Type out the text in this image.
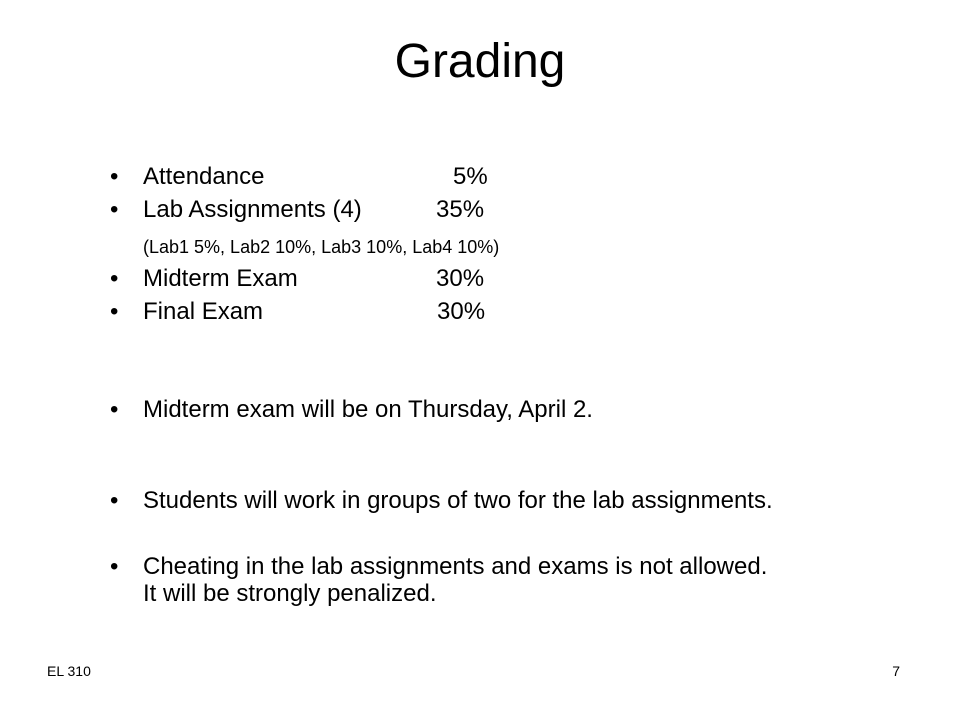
Grading
• Attendance	5%
• Lab Assignments (4)	35%
(Lab1 5%, Lab2 10%, Lab3 10%, Lab4 10%)
• Midterm Exam	30%
• Final Exam	30%
• Midterm exam will be on Thursday, April 2.
• Students will work in groups of two for the lab assignments.
• Cheating in the lab assignments and exams is not allowed.
It will be strongly penalized.
EL 310	7
